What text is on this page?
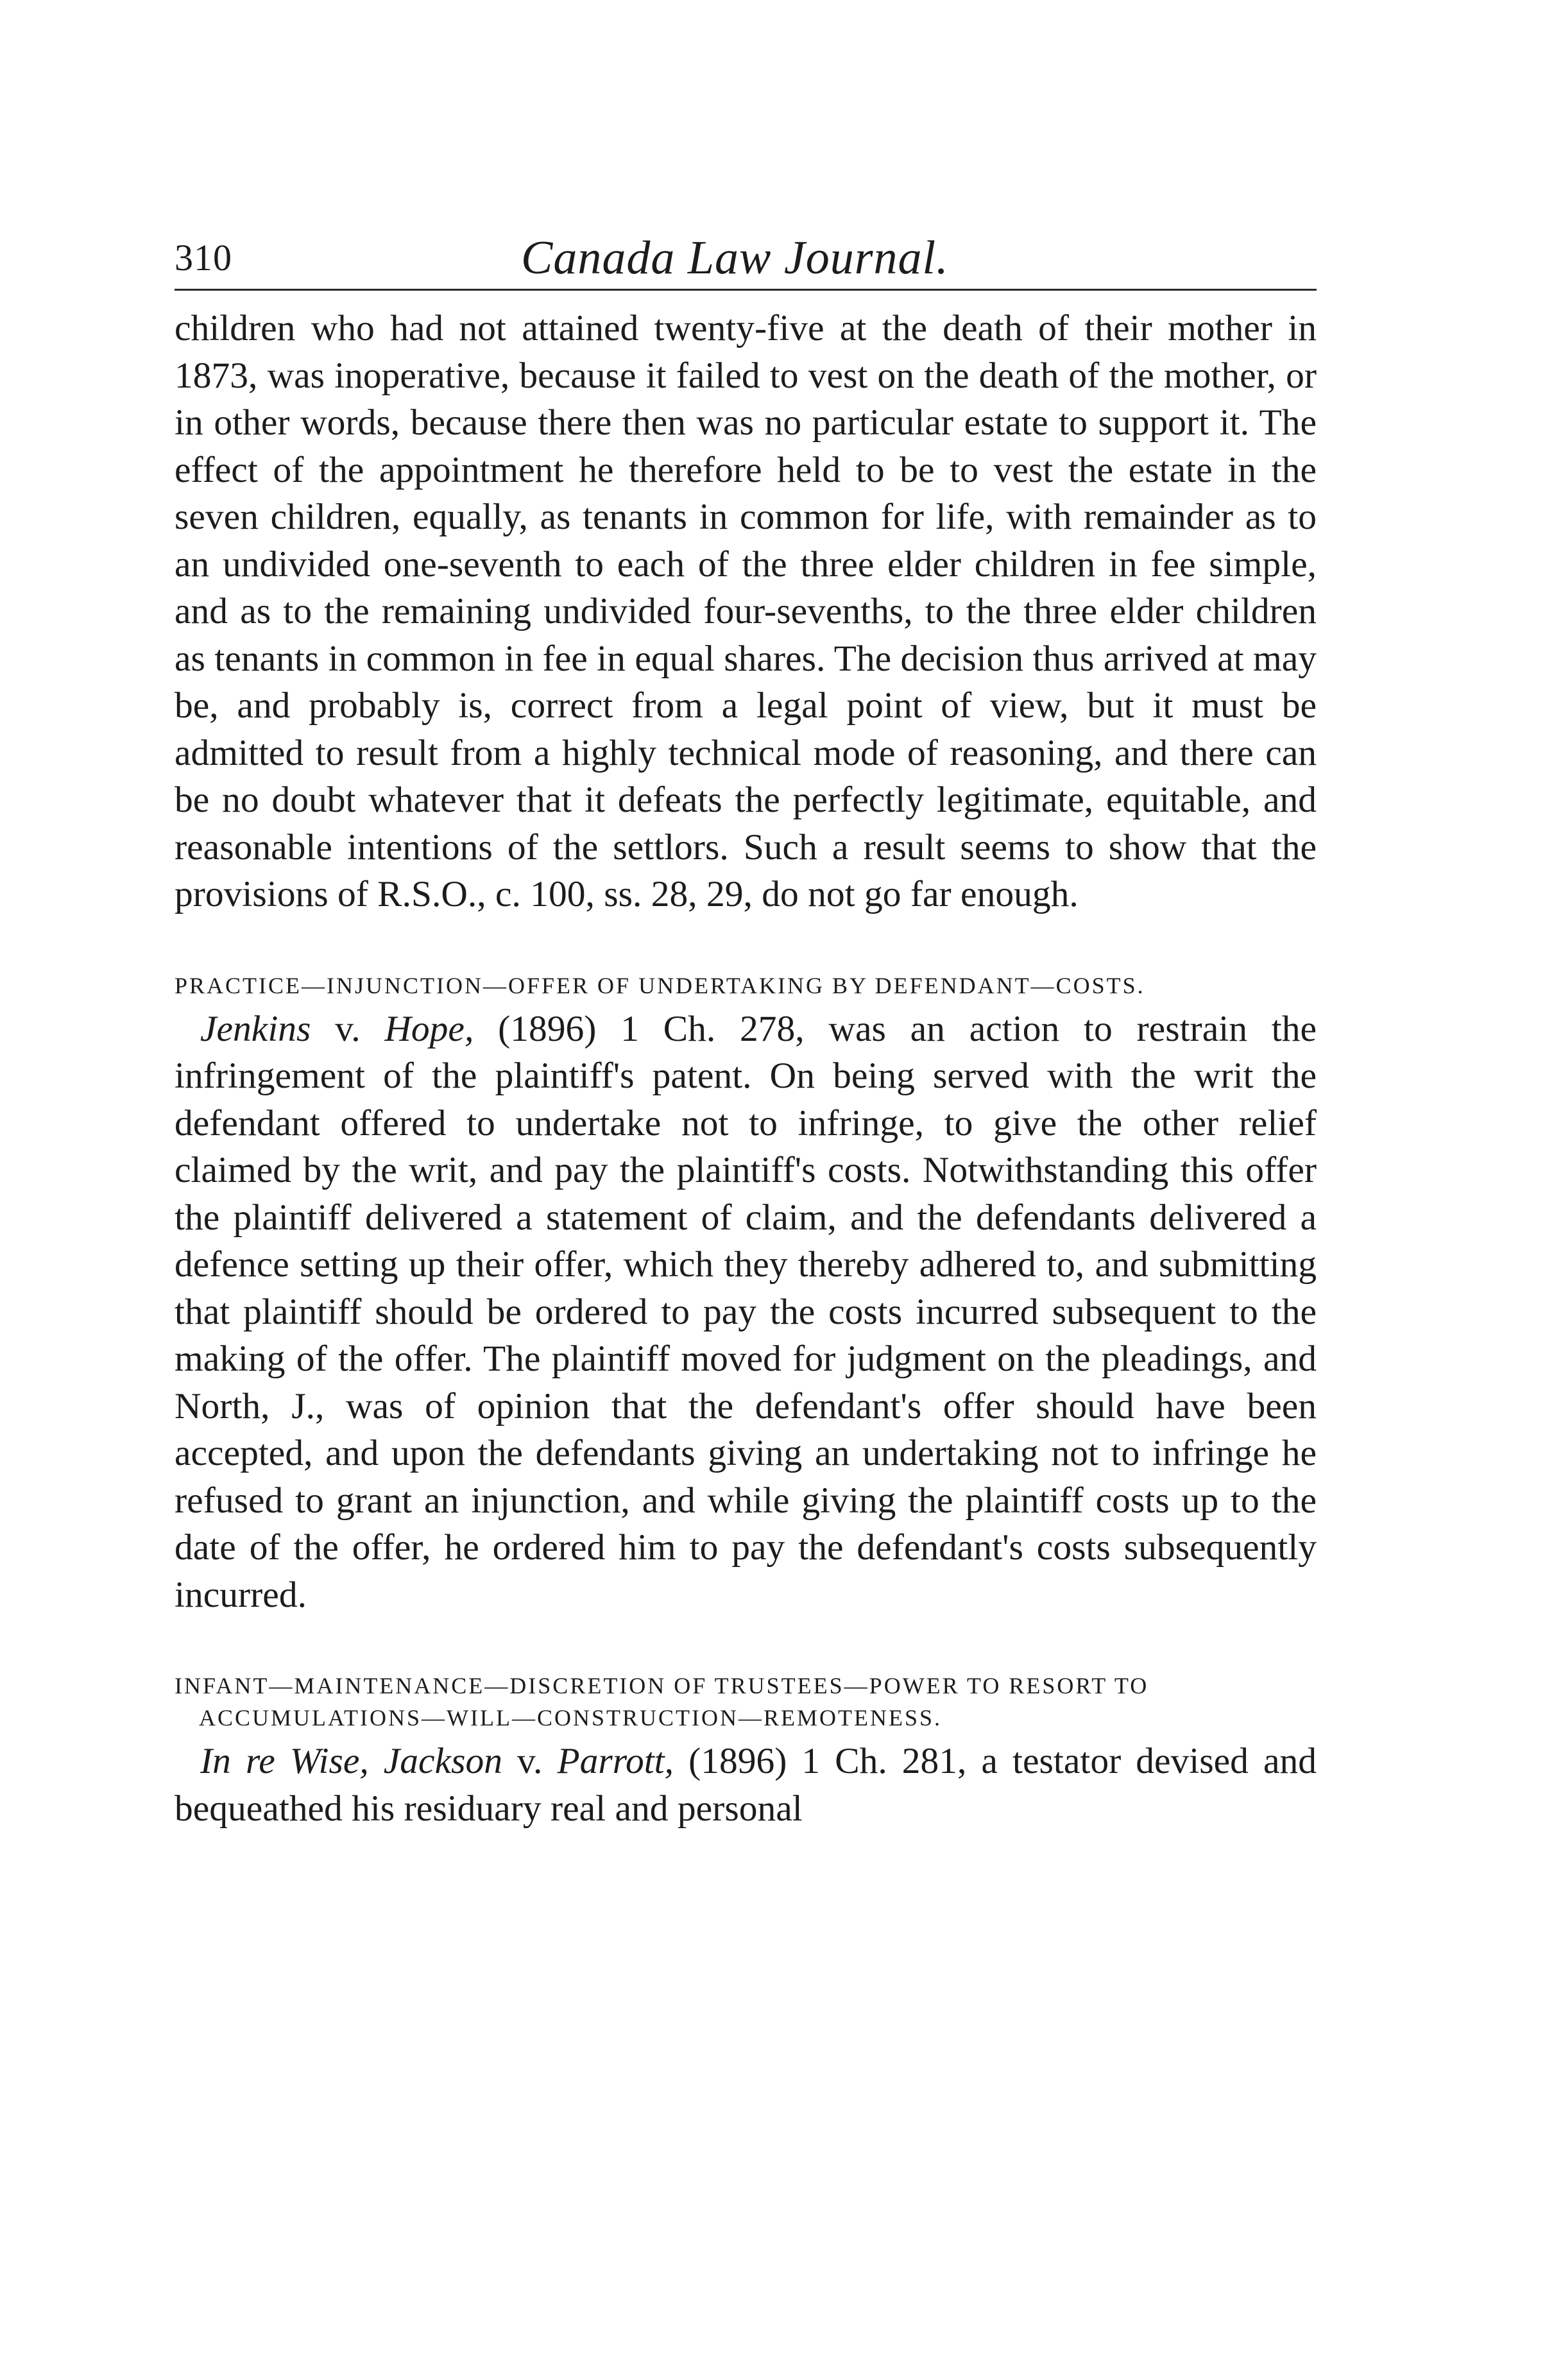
310	Canada Law Journal.

children who had not attained twenty-five at the death of their mother in 1873, was inoperative, because it failed to vest on the death of the mother, or in other words, because there then was no particular estate to support it. The effect of the appointment he therefore held to be to vest the estate in the seven children, equally, as tenants in common for life, with remainder as to an undivided one-seventh to each of the three elder children in fee simple, and as to the remaining undivided four-sevenths, to the three elder children as tenants in common in fee in equal shares. The decision thus arrived at may be, and probably is, correct from a legal point of view, but it must be admitted to result from a highly technical mode of reasoning, and there can be no doubt whatever that it defeats the perfectly legitimate, equitable, and reasonable intentions of the settlors. Such a result seems to show that the provisions of R.S.O., c. 100, ss. 28, 29, do not go far enough.

PRACTICE—INJUNCTION—OFFER OF UNDERTAKING BY DEFENDANT—COSTS.

Jenkins v. Hope, (1896) 1 Ch. 278, was an action to restrain the infringement of the plaintiff's patent. On being served with the writ the defendant offered to undertake not to infringe, to give the other relief claimed by the writ, and pay the plaintiff's costs. Notwithstanding this offer the plaintiff delivered a statement of claim, and the defendants delivered a defence setting up their offer, which they thereby adhered to, and submitting that plaintiff should be ordered to pay the costs incurred subsequent to the making of the offer. The plaintiff moved for judgment on the pleadings, and North, J., was of opinion that the defendant's offer should have been accepted, and upon the defendants giving an undertaking not to infringe he refused to grant an injunction, and while giving the plaintiff costs up to the date of the offer, he ordered him to pay the defendant's costs subsequently incurred.

INFANT—MAINTENANCE—DISCRETION OF TRUSTEES—POWER TO RESORT TO ACCUMULATIONS—WILL—CONSTRUCTION—REMOTENESS.

In re Wise, Jackson v. Parrott, (1896) 1 Ch. 281, a testator devised and bequeathed his residuary real and personal
